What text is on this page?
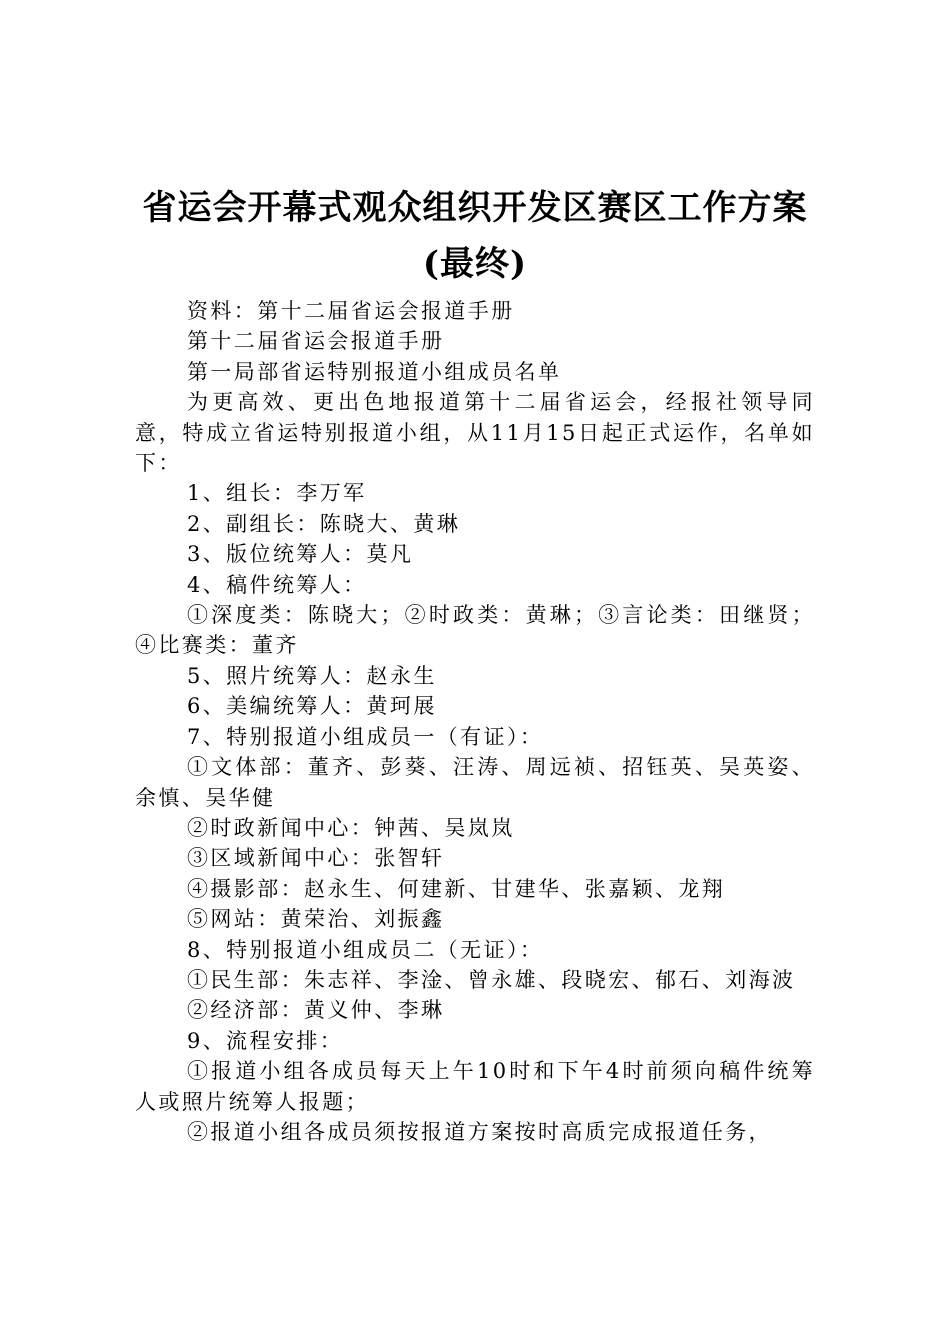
省运会开幕式观众组织开发区赛区工作方案
(最终)

资料：第十二届省运会报道手册

第十二届省运会报道手册

第一局部省运特别报道小组成员名单

为更高效、更出色地报道第十二届省运会，经报社领导同意，特成立省运特别报道小组，从11月15日起正式运作，名单如下：

1、组长：李万军

2、副组长：陈晓大、黄琳

3、版位统筹人：莫凡

4、稿件统筹人：

①深度类：陈晓大；②时政类：黄琳；③言论类：田继贤；④比赛类：董齐

5、照片统筹人：赵永生

6、美编统筹人：黄珂展

7、特别报道小组成员一（有证）：

①文体部：董齐、彭葵、汪涛、周远祯、招钰英、吴英姿、余慎、吴华健

②时政新闻中心：钟茜、吴岚岚

③区域新闻中心：张智轩

④摄影部：赵永生、何建新、甘建华、张嘉颖、龙翔

⑤网站：黄荣治、刘振鑫

8、特别报道小组成员二（无证）：

①民生部：朱志祥、李淦、曾永雄、段晓宏、郁石、刘海波

②经济部：黄义仲、李琳

9、流程安排：

①报道小组各成员每天上午10时和下午4时前须向稿件统筹人或照片统筹人报题；

②报道小组各成员须按报道方案按时高质完成报道任务，
